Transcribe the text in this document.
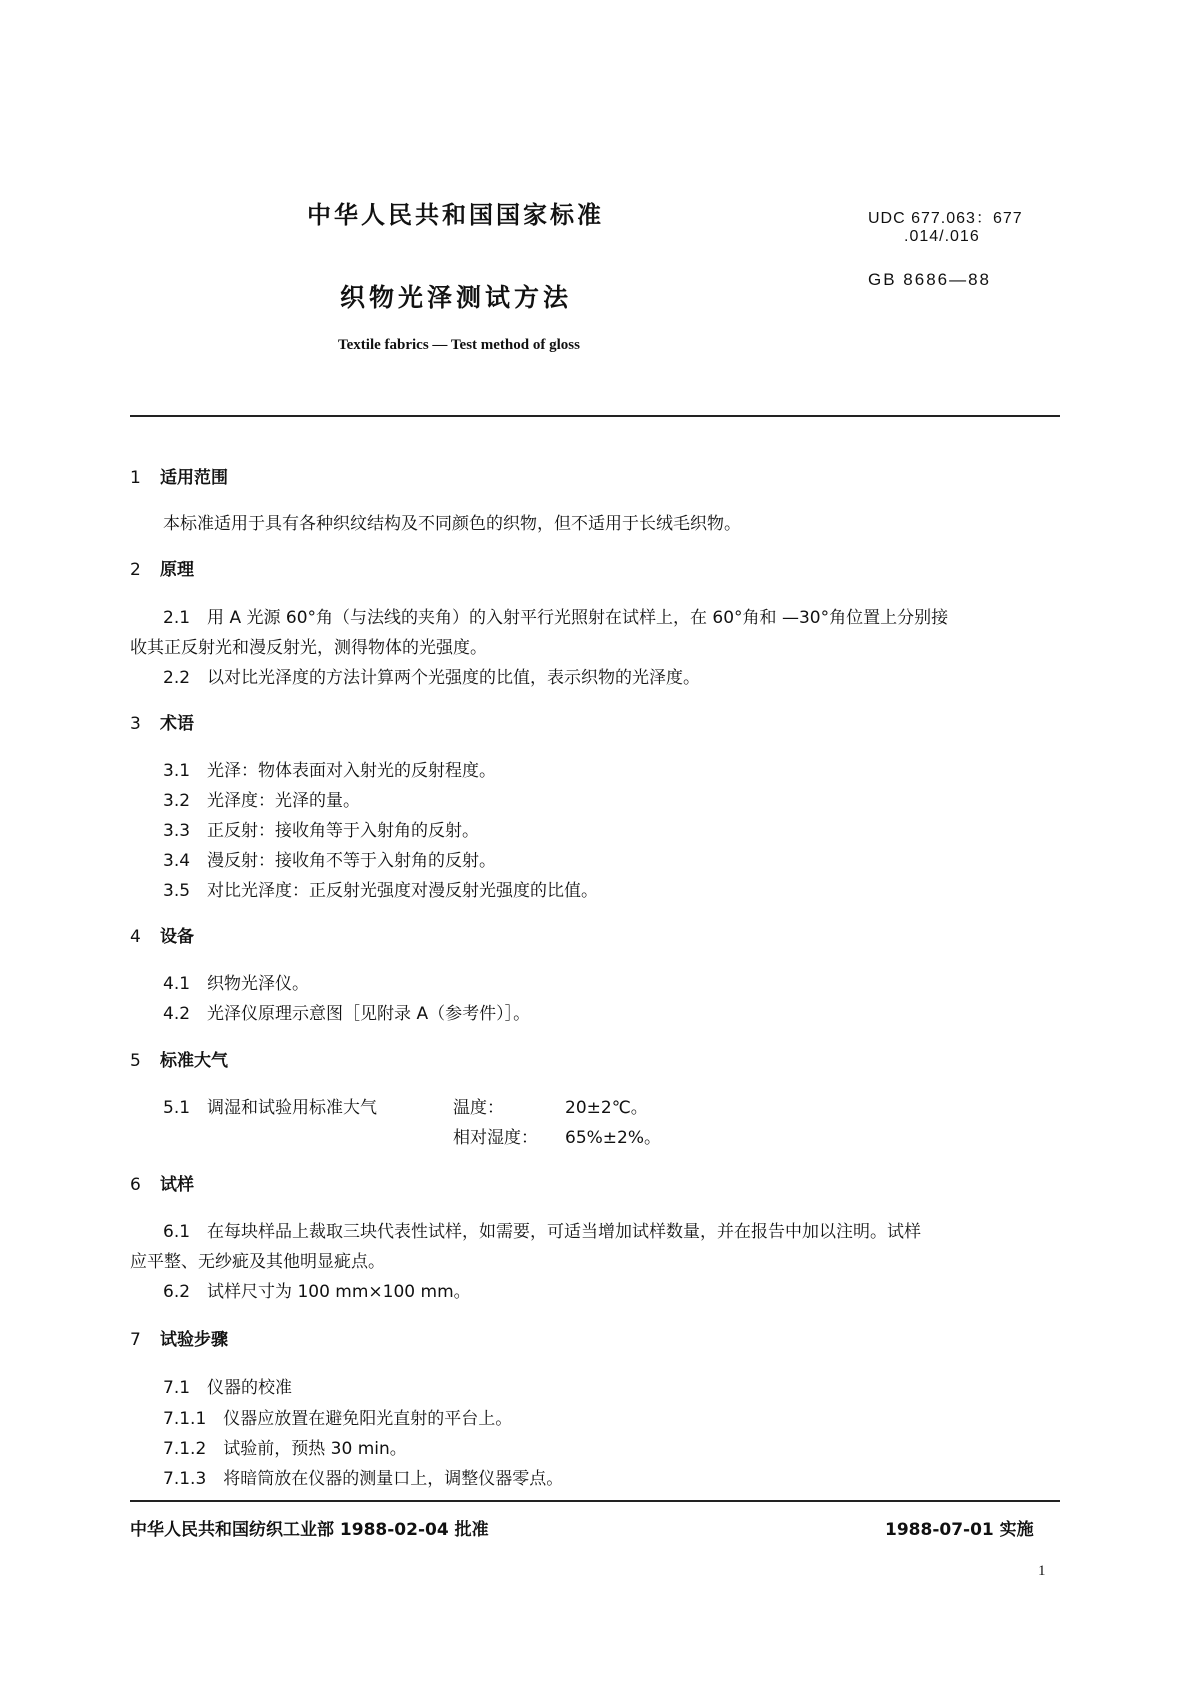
中华人民共和国国家标准
织物光泽测试方法
Textile fabrics — Test method of gloss
UDC 677.063：677
.014/.016
GB 8686—88
1 适用范围
本标准适用于具有各种织纹结构及不同颜色的织物，但不适用于长绒毛织物。
2 原理
2.1　用 A 光源 60°角（与法线的夹角）的入射平行光照射在试样上，在 60°角和 —30°角位置上分别接
收其正反射光和漫反射光，测得物体的光强度。
2.2　以对比光泽度的方法计算两个光强度的比值，表示织物的光泽度。
3 术语
3.1　光泽：物体表面对入射光的反射程度。
3.2　光泽度：光泽的量。
3.3　正反射：接收角等于入射角的反射。
3.4　漫反射：接收角不等于入射角的反射。
3.5　对比光泽度：正反射光强度对漫反射光强度的比值。
4 设备
4.1　织物光泽仪。
4.2　光泽仪原理示意图［见附录 A（参考件）］。
5 标准大气
5.1　调湿和试验用标准大气	温度：	20±2℃。
相对湿度： 65%±2%。
6 试样
6.1　在每块样品上裁取三块代表性试样，如需要，可适当增加试样数量，并在报告中加以注明。试样
应平整、无纱疵及其他明显疵点。
6.2　试样尺寸为 100 mm×100 mm。
7 试验步骤
7.1　仪器的校准
7.1.1　仪器应放置在避免阳光直射的平台上。
7.1.2　试验前，预热 30 min。
7.1.3　将暗筒放在仪器的测量口上，调整仪器零点。
中华人民共和国纺织工业部 1988-02-04 批准	1988-07-01 实施
1
